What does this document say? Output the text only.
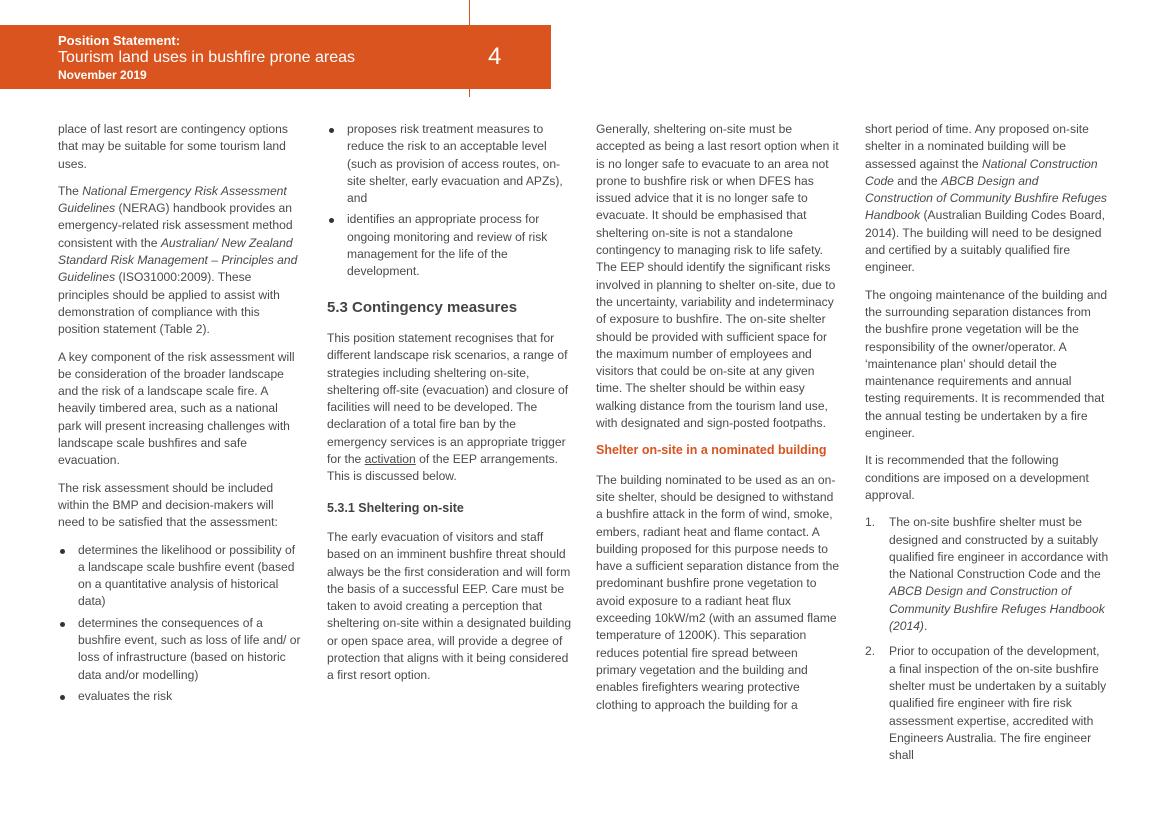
Position Statement:
Tourism land uses in bushfire prone areas
November 2019
4

place of last resort are contingency options that may be suitable for some tourism land uses.

The National Emergency Risk Assessment Guidelines (NERAG) handbook provides an emergency-related risk assessment method consistent with the Australian/ New Zealand Standard Risk Management – Principles and Guidelines (ISO31000:2009). These principles should be applied to assist with demonstration of compliance with this position statement (Table 2).

A key component of the risk assessment will be consideration of the broader landscape and the risk of a landscape scale fire. A heavily timbered area, such as a national park will present increasing challenges with landscape scale bushfires and safe evacuation.

The risk assessment should be included within the BMP and decision-makers will need to be satisfied that the assessment:

determines the likelihood or possibility of a landscape scale bushfire event (based on a quantitative analysis of historical data)
determines the consequences of a bushfire event, such as loss of life and/ or loss of infrastructure (based on historic data and/or modelling)
evaluates the risk
proposes risk treatment measures to reduce the risk to an acceptable level (such as provision of access routes, on-site shelter, early evacuation and APZs), and
identifies an appropriate process for ongoing monitoring and review of risk management for the life of the development.
5.3 Contingency measures

This position statement recognises that for different landscape risk scenarios, a range of strategies including sheltering on-site, sheltering off-site (evacuation) and closure of facilities will need to be developed. The declaration of a total fire ban by the emergency services is an appropriate trigger for the activation of the EEP arrangements. This is discussed below.

5.3.1 Sheltering on-site

The early evacuation of visitors and staff based on an imminent bushfire threat should always be the first consideration and will form the basis of a successful EEP. Care must be taken to avoid creating a perception that sheltering on-site within a designated building or open space area, will provide a degree of protection that aligns with it being considered a first resort option.

Generally, sheltering on-site must be accepted as being a last resort option when it is no longer safe to evacuate to an area not prone to bushfire risk or when DFES has issued advice that it is no longer safe to evacuate. It should be emphasised that sheltering on-site is not a standalone contingency to managing risk to life safety. The EEP should identify the significant risks involved in planning to shelter on-site, due to the uncertainty, variability and indeterminacy of exposure to bushfire. The on-site shelter should be provided with sufficient space for the maximum number of employees and visitors that could be on-site at any given time. The shelter should be within easy walking distance from the tourism land use, with designated and sign-posted footpaths.

Shelter on-site in a nominated building

The building nominated to be used as an on-site shelter, should be designed to withstand a bushfire attack in the form of wind, smoke, embers, radiant heat and flame contact. A building proposed for this purpose needs to have a sufficient separation distance from the predominant bushfire prone vegetation to avoid exposure to a radiant heat flux exceeding 10kW/m2 (with an assumed flame temperature of 1200K). This separation reduces potential fire spread between primary vegetation and the building and enables firefighters wearing protective clothing to approach the building for a

short period of time. Any proposed on-site shelter in a nominated building will be assessed against the National Construction Code and the ABCB Design and Construction of Community Bushfire Refuges Handbook (Australian Building Codes Board, 2014). The building will need to be designed and certified by a suitably qualified fire engineer.

The ongoing maintenance of the building and the surrounding separation distances from the bushfire prone vegetation will be the responsibility of the owner/operator. A ‘maintenance plan’ should detail the maintenance requirements and annual testing requirements. It is recommended that the annual testing be undertaken by a fire engineer.

It is recommended that the following conditions are imposed on a development approval.

1. The on-site bushfire shelter must be designed and constructed by a suitably qualified fire engineer in accordance with the National Construction Code and the ABCB Design and Construction of Community Bushfire Refuges Handbook (2014).
2. Prior to occupation of the development, a final inspection of the on-site bushfire shelter must be undertaken by a suitably qualified fire engineer with fire risk assessment expertise, accredited with Engineers Australia. The fire engineer shall
